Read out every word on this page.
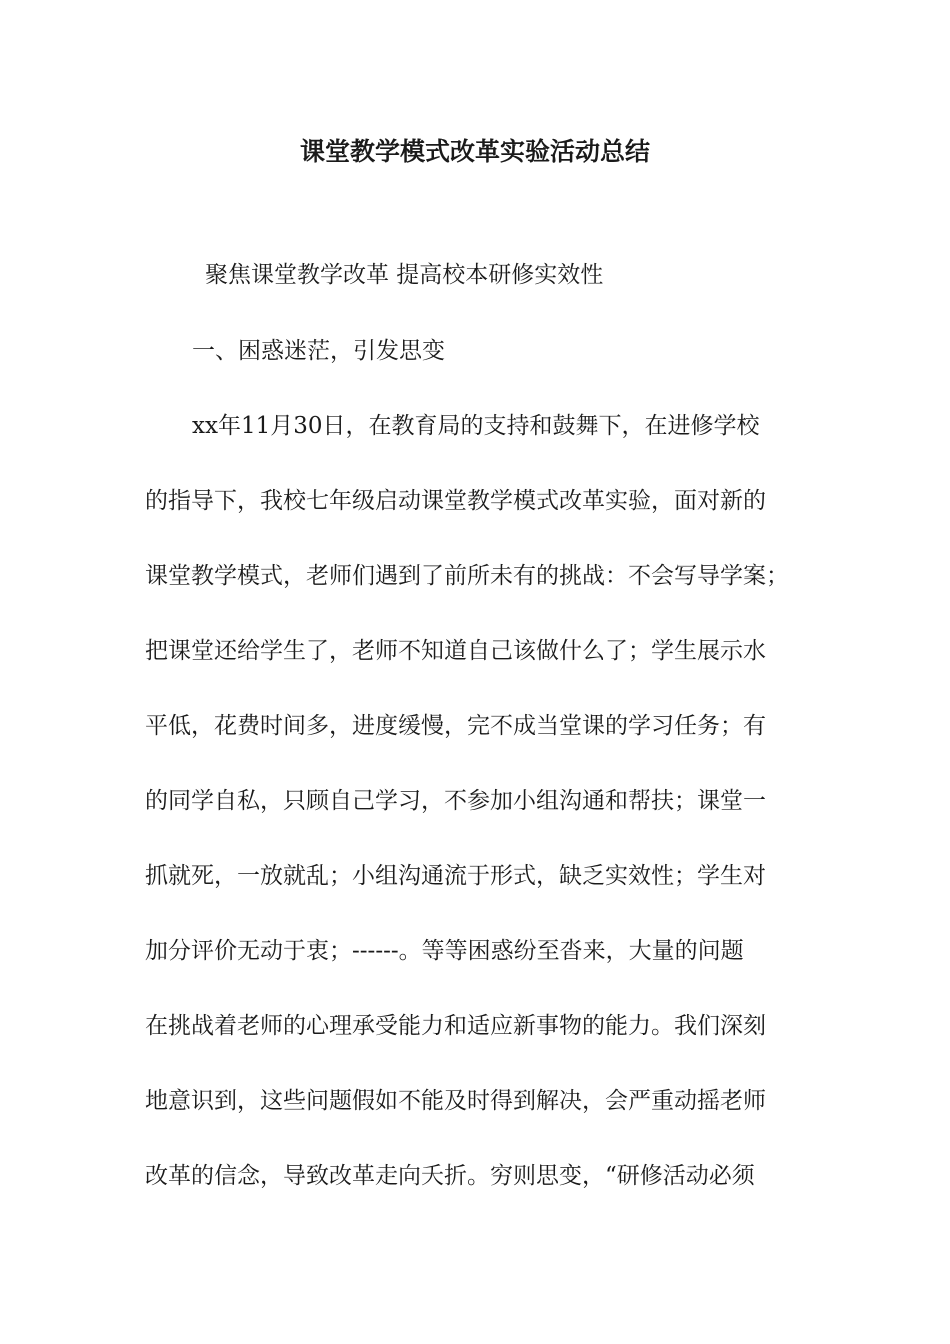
课堂教学模式改革实验活动总结
聚焦课堂教学改革 提高校本研修实效性
一、困惑迷茫，引发思变
xx年11月30日，在教育局的支持和鼓舞下，在进修学校
的指导下，我校七年级启动课堂教学模式改革实验，面对新的
课堂教学模式，老师们遇到了前所未有的挑战：不会写导学案；
把课堂还给学生了，老师不知道自己该做什么了；学生展示水
平低，花费时间多，进度缓慢，完不成当堂课的学习任务；有
的同学自私，只顾自己学习，不参加小组沟通和帮扶；课堂一
抓就死，一放就乱；小组沟通流于形式，缺乏实效性；学生对
加分评价无动于衷；------。等等困惑纷至沓来，大量的问题
在挑战着老师的心理承受能力和适应新事物的能力。我们深刻
地意识到，这些问题假如不能及时得到解决，会严重动摇老师
改革的信念，导致改革走向夭折。穷则思变，“研修活动必须
